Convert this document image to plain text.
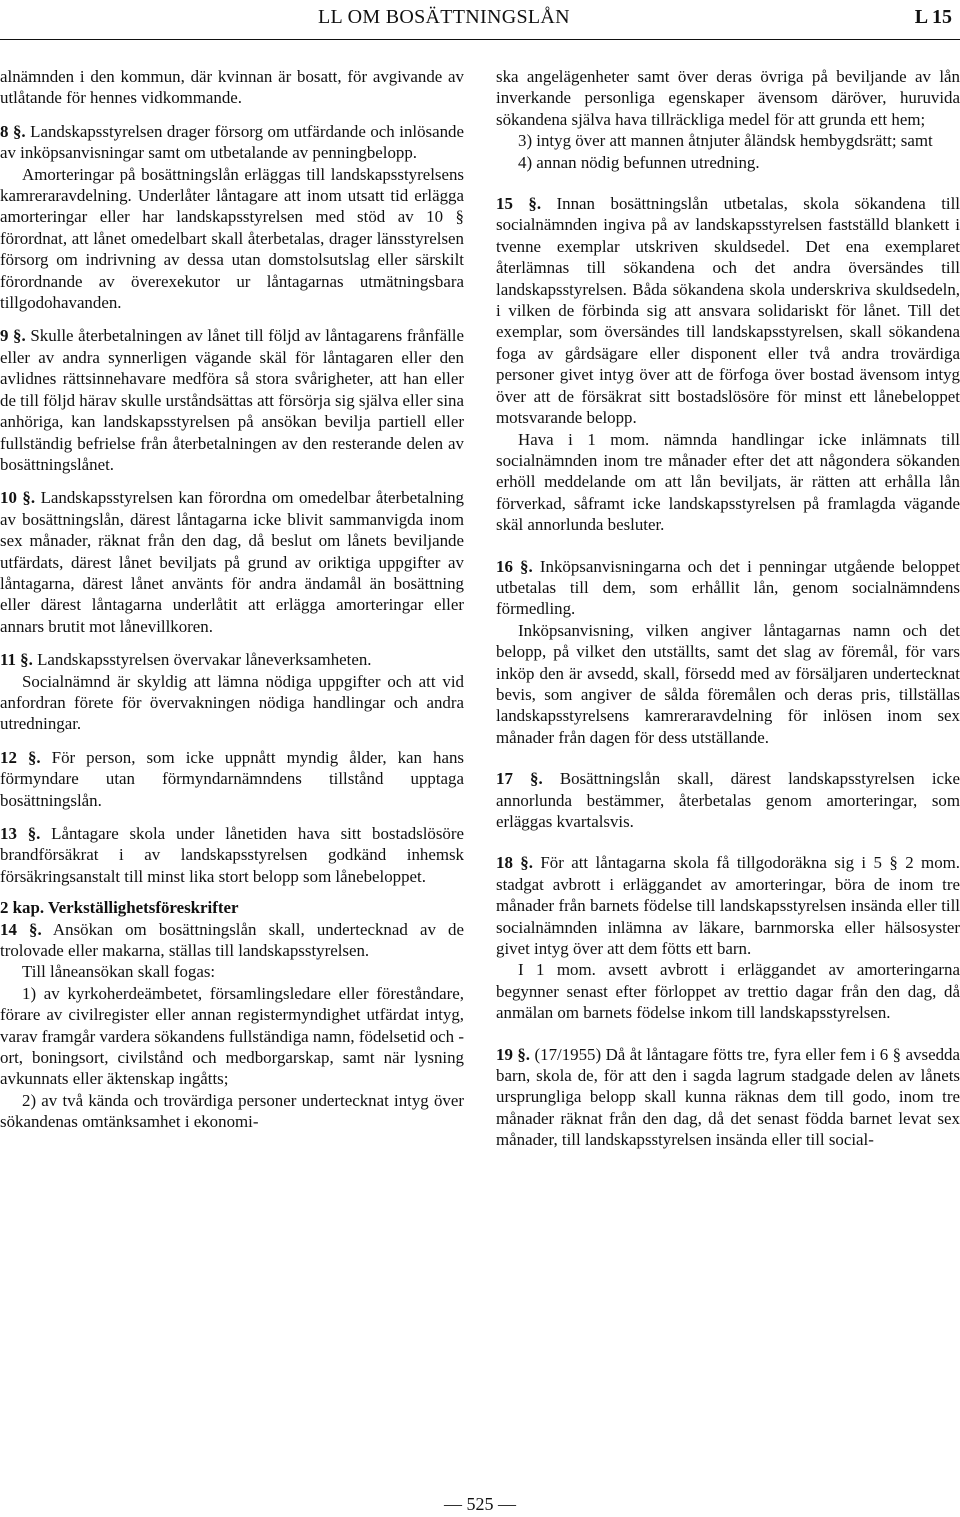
LL OM BOSÄTTNINGSLÅN	L 15

alnämnden i den kommun, där kvinnan är bosatt, för avgivande av utlåtande för hennes vidkommande.

8 §. Landskapsstyrelsen drager försorg om utfärdande och inlösande av inköpsanvisningar samt om utbetalande av penningbelopp.

Amorteringar på bosättningslån erläggas till landskapsstyrelsens kamreraravdelning. Underlåter låntagare att inom utsatt tid erlägga amorteringar eller har landskapsstyrelsen med stöd av 10 § förordnat, att lånet omedelbart skall återbetalas, drager länsstyrelsen försorg om indrivning av dessa utan domstolsutslag eller särskilt förordnande av överexekutor ur låntagarnas utmätningsbara tillgodohavanden.

9 §. Skulle återbetalningen av lånet till följd av låntagarens frånfälle eller av andra synnerligen vägande skäl för låntagaren eller den avlidnes rättsinnehavare medföra så stora svårigheter, att han eller de till följd härav skulle urståndsättas att försörja sig själva eller sina anhöriga, kan landskapsstyrelsen på ansökan bevilja partiell eller fullständig befrielse från återbetalningen av den resterande delen av bosättningslånet.

10 §. Landskapsstyrelsen kan förordna om omedelbar återbetalning av bosättningslån, därest låntagarna icke blivit sammanvigda inom sex månader, räknat från den dag, då beslut om lånets beviljande utfärdats, därest lånet beviljats på grund av oriktiga uppgifter av låntagarna, därest lånet använts för andra ändamål än bosättning eller därest låntagarna underlåtit att erlägga amorteringar eller annars brutit mot lånevillkoren.

11 §. Landskapsstyrelsen övervakar låneverksamheten.

Socialnämnd är skyldig att lämna nödiga uppgifter och att vid anfordran förete för övervakningen nödiga handlingar och andra utredningar.

12 §. För person, som icke uppnått myndig ålder, kan hans förmyndare utan förmyndarnämndens tillstånd upptaga bosättningslån.

13 §. Låntagare skola under lånetiden hava sitt bostadslösöre brandförsäkrat i av landskapsstyrelsen godkänd inhemsk försäkringsanstalt till minst lika stort belopp som lånebeloppet.

2 kap. Verkställighetsföreskrifter

14 §. Ansökan om bosättningslån skall, undertecknad av de trolovade eller makarna, ställas till landskapsstyrelsen.

Till låneansökan skall fogas:

1) av kyrkoherdeämbetet, församlingsledare eller föreståndare, förare av civilregister eller annan registermyndighet utfärdat intyg, varav framgår vardera sökandens fullständiga namn, födelsetid och -ort, boningsort, civilstånd och medborgarskap, samt när lysning avkunnats eller äktenskap ingåtts;

2) av två kända och trovärdiga personer undertecknat intyg över sökandenas omtänksamhet i ekonomi-

ska angelägenheter samt över deras övriga på beviljande av lån inverkande personliga egenskaper ävensom däröver, huruvida sökandena själva hava tillräckliga medel för att grunda ett hem;

3) intyg över att mannen åtnjuter åländsk hembygdsrätt; samt

4) annan nödig befunnen utredning.

15 §. Innan bosättningslån utbetalas, skola sökandena till socialnämnden ingiva på av landskapsstyrelsen fastställd blankett i tvenne exemplar utskriven skuldsedel. Det ena exemplaret återlämnas till sökandena och det andra översändes till landskapsstyrelsen. Båda sökandena skola underskriva skuldsedeln, i vilken de förbinda sig att ansvara solidariskt för lånet. Till det exemplar, som översändes till landskapsstyrelsen, skall sökandena foga av gårdsägare eller disponent eller två andra trovärdiga personer givet intyg över att de förfoga över bostad ävensom intyg över att de försäkrat sitt bostadslösöre för minst ett lånebeloppet motsvarande belopp.

Hava i 1 mom. nämnda handlingar icke inlämnats till socialnämnden inom tre månader efter det att någondera sökanden erhöll meddelande om att lån beviljats, är rätten att erhålla lån förverkad, såframt icke landskapsstyrelsen på framlagda vägande skäl annorlunda besluter.

16 §. Inköpsanvisningarna och det i penningar utgående beloppet utbetalas till dem, som erhållit lån, genom socialnämndens förmedling.

Inköpsanvisning, vilken angiver låntagarnas namn och det belopp, på vilket den utställts, samt det slag av föremål, för vars inköp den är avsedd, skall, försedd med av försäljaren undertecknat bevis, som angiver de sålda föremålen och deras pris, tillställas landskapsstyrelsens kamreraravdelning för inlösen inom sex månader från dagen för dess utställande.

17 §. Bosättningslån skall, därest landskapsstyrelsen icke annorlunda bestämmer, återbetalas genom amorteringar, som erläggas kvartalsvis.

18 §. För att låntagarna skola få tillgodoräkna sig i 5 § 2 mom. stadgat avbrott i erläggandet av amorteringar, böra de inom tre månader från barnets födelse till landskapsstyrelsen insända eller till socialnämnden inlämna av läkare, barnmorska eller hälsosyster givet intyg över att dem fötts ett barn.

I 1 mom. avsett avbrott i erläggandet av amorteringarna begynner senast efter förloppet av trettio dagar från den dag, då anmälan om barnets födelse inkom till landskapsstyrelsen.

19 §. (17/1955) Då åt låntagare fötts tre, fyra eller fem i 6 § avsedda barn, skola de, för att den i sagda lagrum stadgade delen av lånets ursprungliga belopp skall kunna räknas dem till godo, inom tre månader räknat från den dag, då det senast födda barnet levat sex månader, till landskapsstyrelsen insända eller till social-

— 525 —
